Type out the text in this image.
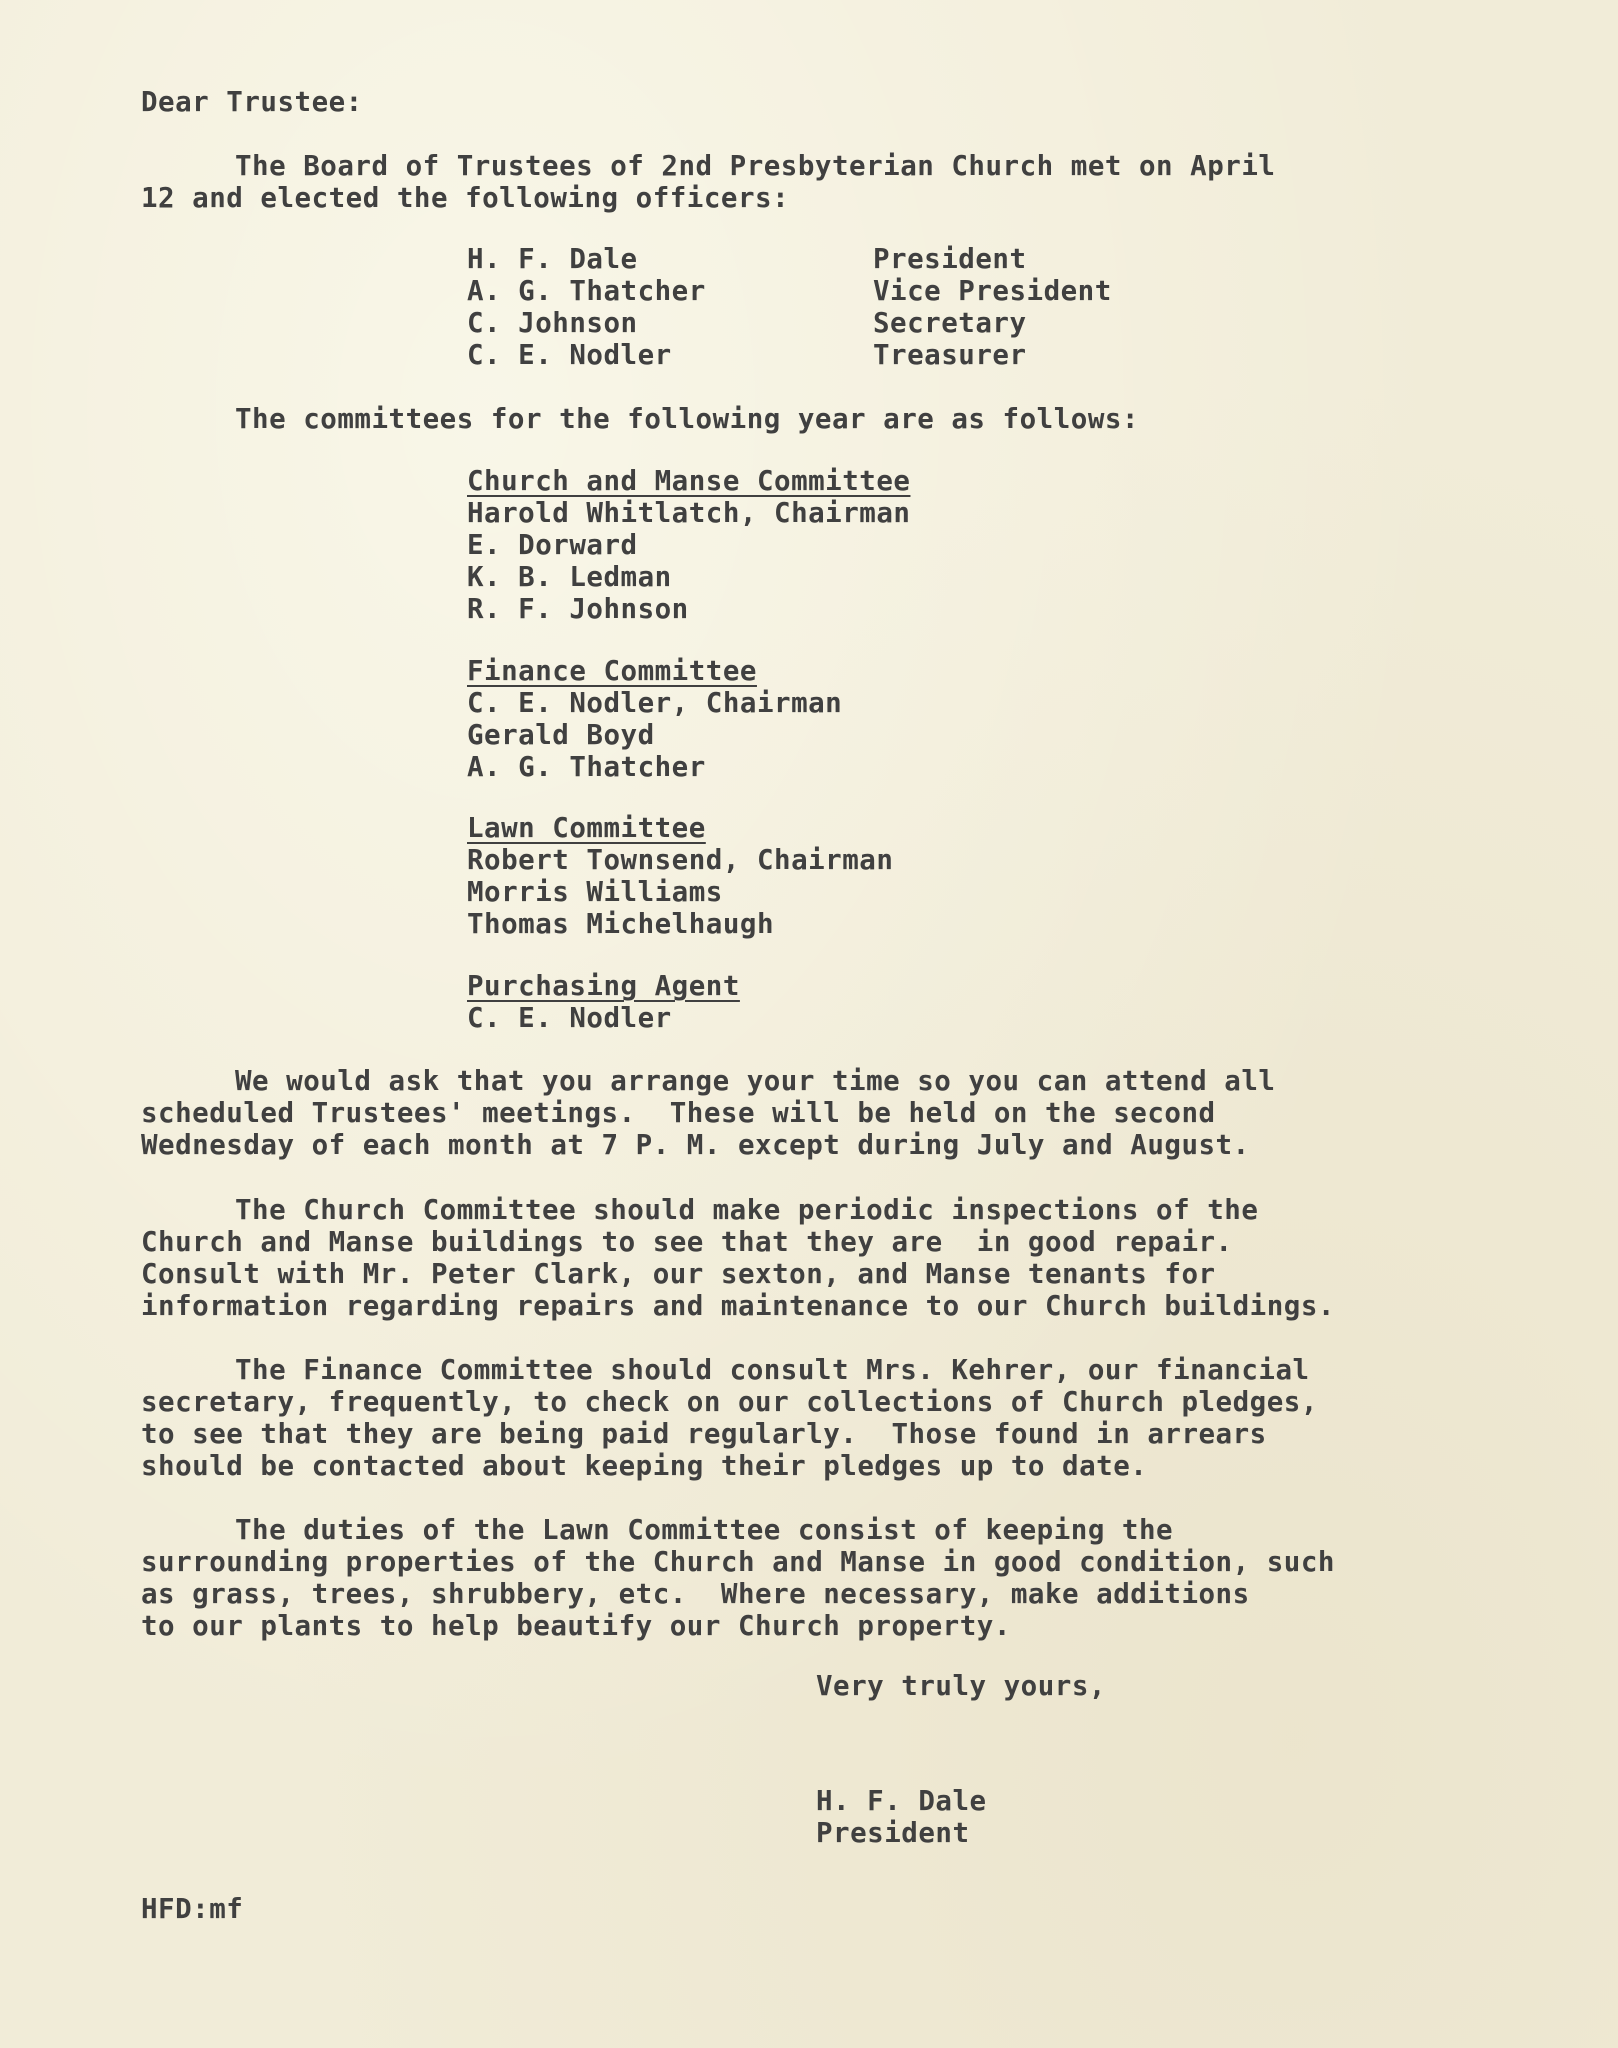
Dear Trustee:
The Board of Trustees of 2nd Presbyterian Church met on April
12 and elected the following officers:
H. F. Dale	President
A. G. Thatcher	Vice President
C. Johnson	Secretary
C. E. Nodler	Treasurer
The committees for the following year are as follows:
Church and Manse Committee
Harold Whitlatch, Chairman
E. Dorward
K. B. Ledman
R. F. Johnson
Finance Committee
C. E. Nodler, Chairman
Gerald Boyd
A. G. Thatcher
Lawn Committee
Robert Townsend, Chairman
Morris Williams
Thomas Michelhaugh
Purchasing Agent
C. E. Nodler
We would ask that you arrange your time so you can attend all
scheduled Trustees' meetings.  These will be held on the second
Wednesday of each month at 7 P. M. except during July and August.
The Church Committee should make periodic inspections of the
Church and Manse buildings to see that they are  in good repair.
Consult with Mr. Peter Clark, our sexton, and Manse tenants for
information regarding repairs and maintenance to our Church buildings.
The Finance Committee should consult Mrs. Kehrer, our financial
secretary, frequently, to check on our collections of Church pledges,
to see that they are being paid regularly.  Those found in arrears
should be contacted about keeping their pledges up to date.
The duties of the Lawn Committee consist of keeping the
surrounding properties of the Church and Manse in good condition, such
as grass, trees, shrubbery, etc.  Where necessary, make additions
to our plants to help beautify our Church property.
Very truly yours,
H. F. Dale
President
HFD:mf
